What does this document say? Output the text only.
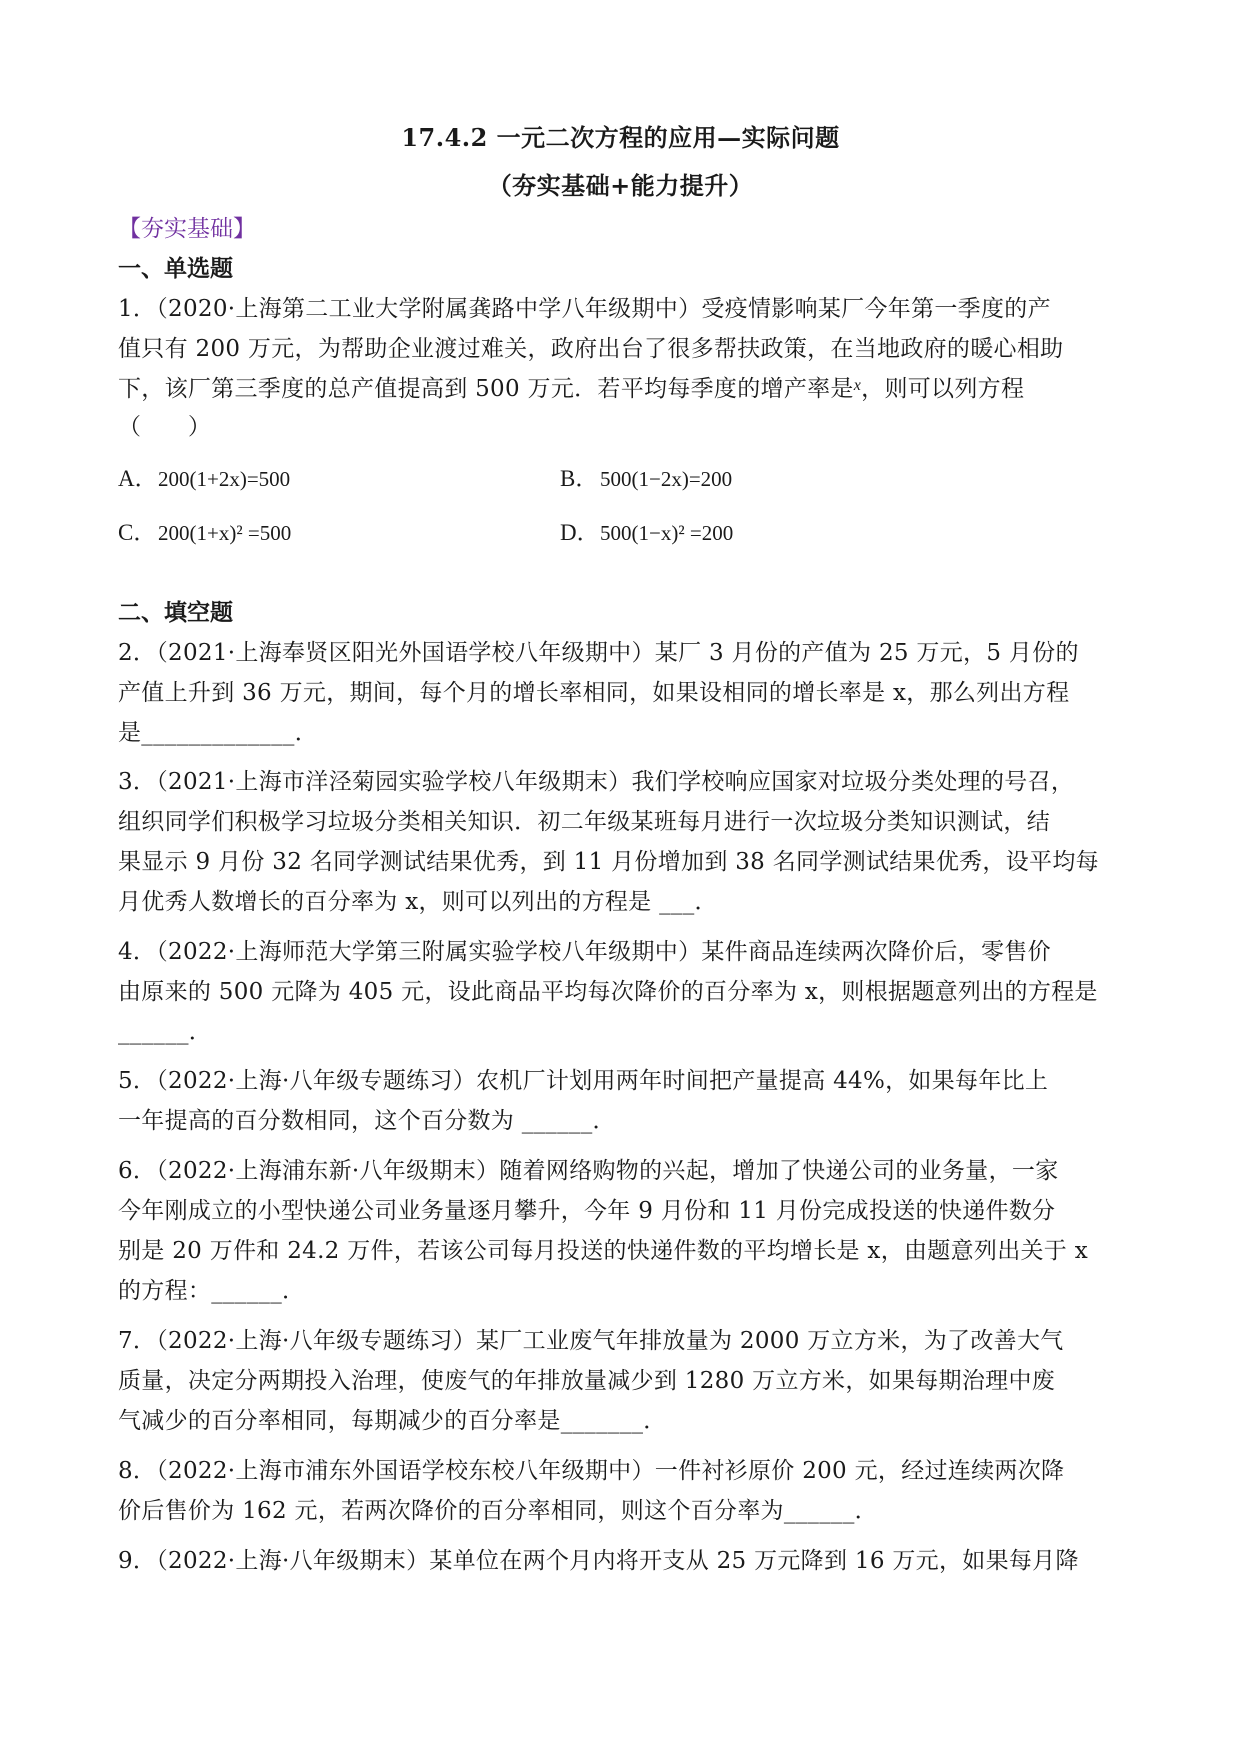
17.4.2 一元二次方程的应用—实际问题
（夯实基础+能力提升）
【夯实基础】
一、单选题
1．（2020·上海第二工业大学附属龚路中学八年级期中）受疫情影响某厂今年第一季度的产
值只有 200 万元，为帮助企业渡过难关，政府出台了很多帮扶政策，在当地政府的暖心相助
下，该厂第三季度的总产值提高到 500 万元．若平均每季度的增产率是$^x$，则可以列方程
（　　）
A．200(1+2x)=500	B．500(1−2x)=200
C．200(1+x)² =500	D．500(1−x)² =200
二、填空题
2．（2021·上海奉贤区阳光外国语学校八年级期中）某厂 3 月份的产值为 25 万元，5 月份的
产值上升到 36 万元，期间，每个月的增长率相同，如果设相同的增长率是 x，那么列出方程
是_____________．
3．（2021·上海市洋泾菊园实验学校八年级期末）我们学校响应国家对垃圾分类处理的号召，
组织同学们积极学习垃圾分类相关知识．初二年级某班每月进行一次垃圾分类知识测试，结
果显示 9 月份 32 名同学测试结果优秀，到 11 月份增加到 38 名同学测试结果优秀，设平均每
月优秀人数增长的百分率为 x，则可以列出的方程是 ___．
4．（2022·上海师范大学第三附属实验学校八年级期中）某件商品连续两次降价后，零售价
由原来的 500 元降为 405 元，设此商品平均每次降价的百分率为 x，则根据题意列出的方程是
______．
5．（2022·上海·八年级专题练习）农机厂计划用两年时间把产量提高 44%，如果每年比上
一年提高的百分数相同，这个百分数为 ______．
6．（2022·上海浦东新·八年级期末）随着网络购物的兴起，增加了快递公司的业务量，一家
今年刚成立的小型快递公司业务量逐月攀升，今年 9 月份和 11 月份完成投送的快递件数分
别是 20 万件和 24.2 万件，若该公司每月投送的快递件数的平均增长是 x，由题意列出关于 x
的方程：______．
7．（2022·上海·八年级专题练习）某厂工业废气年排放量为 2000 万立方米，为了改善大气
质量，决定分两期投入治理，使废气的年排放量减少到 1280 万立方米，如果每期治理中废
气减少的百分率相同，每期减少的百分率是_______．
8．（2022·上海市浦东外国语学校东校八年级期中）一件衬衫原价 200 元，经过连续两次降
价后售价为 162 元，若两次降价的百分率相同，则这个百分率为______．
9．（2022·上海·八年级期末）某单位在两个月内将开支从 25 万元降到 16 万元，如果每月降
